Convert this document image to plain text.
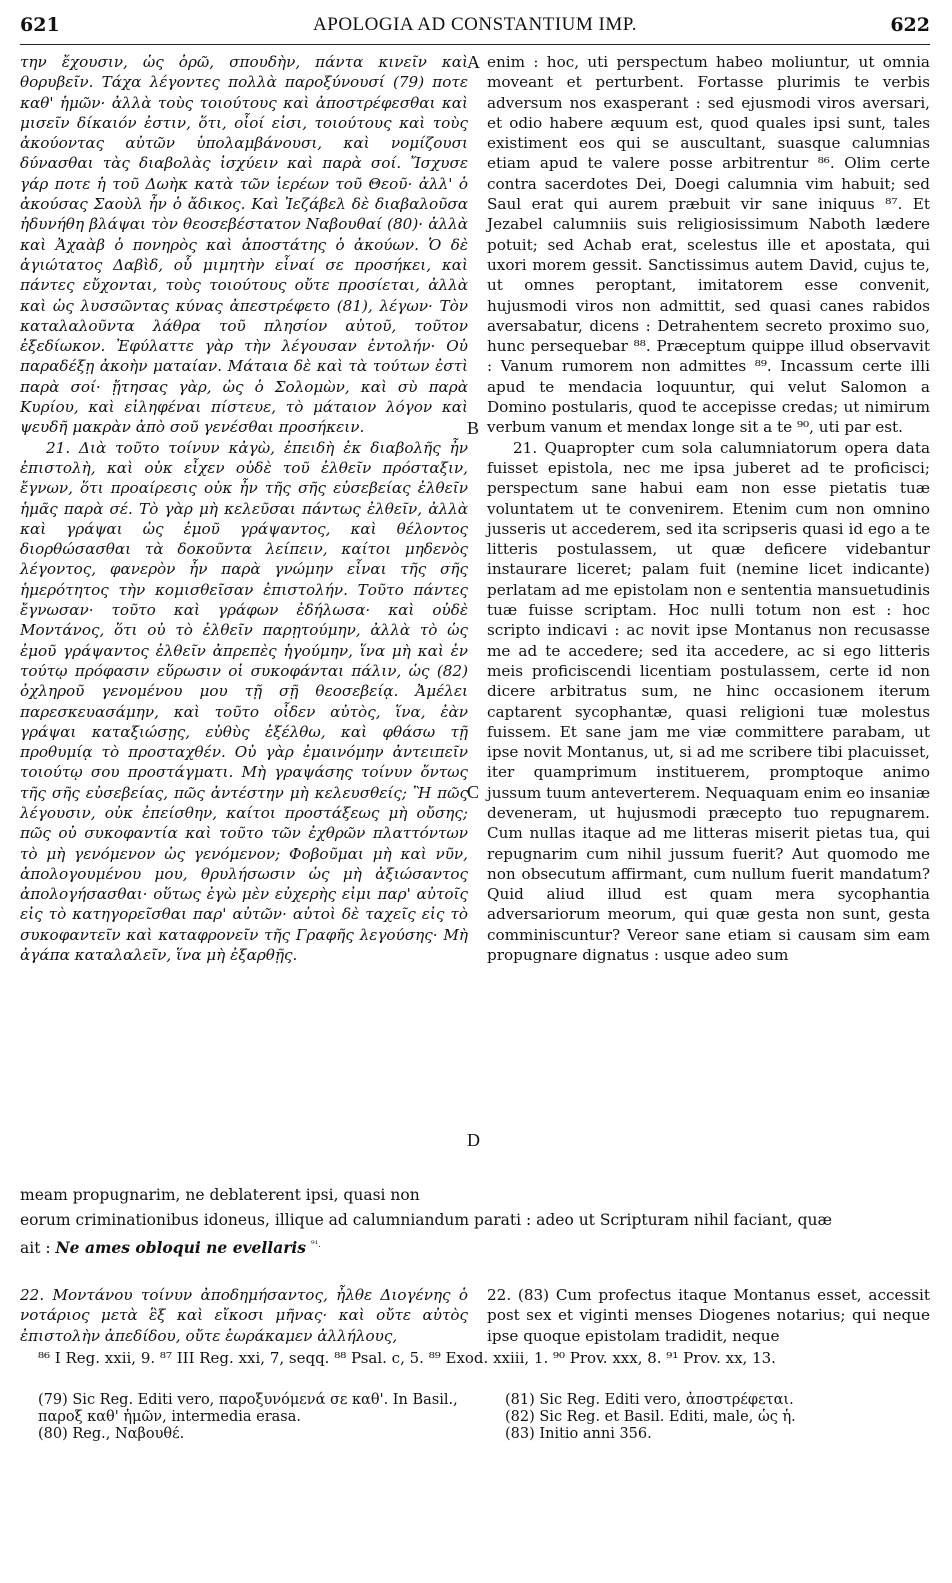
621	APOLOGIA AD CONSTANTIUM IMP.	622

την ἔχουσιν, ὡς ὁρῶ, σπουδὴν, πάντα κινεῖν καὶ θορυβεῖν. Τάχα λέγοντες πολλὰ παροξύνουσί (79) ποτε καθ' ἡμῶν· ἀλλὰ τοὺς τοιούτους καὶ ἀποστρέφεσθαι καὶ μισεῖν δίκαιόν ἐστιν, ὅτι, οἷοί εἰσι, τοιούτους καὶ τοὺς ἀκούοντας αὐτῶν ὑπολαμβάνουσι, καὶ νομίζουσι δύνασθαι τὰς διαβολὰς ἰσχύειν καὶ παρὰ σοί. Ἴσχυσε γάρ ποτε ἡ τοῦ Δωὴκ κατὰ τῶν ἱερέων τοῦ Θεοῦ· ἀλλ' ὁ ἀκούσας Σαοὺλ ἦν ὁ ἄδικος. Καὶ Ἰεζάβελ δὲ διαβαλοῦσα ἠδυνήθη βλάψαι τὸν θεοσεβέστατον Ναβουθαί (80)· ἀλλὰ καὶ Ἀχαὰβ ὁ πονηρὸς καὶ ἀποστάτης ὁ ἀκούων. Ὁ δὲ ἁγιώτατος Δαβὶδ, οὗ μιμητὴν εἶναί σε προσήκει, καὶ πάντες εὔχονται, τοὺς τοιούτους οὔτε προσίεται, ἀλλὰ καὶ ὡς λυσσῶντας κύνας ἀπεστρέφετο (81), λέγων· Τὸν καταλαλοῦντα λάθρα τοῦ πλησίον αὐτοῦ, τοῦτον ἐξεδίωκον. Ἐφύλαττε γὰρ τὴν λέγουσαν ἐντολήν· Οὐ παραδέξῃ ἀκοὴν ματαίαν. Μάταια δὲ καὶ τὰ τούτων ἐστὶ παρὰ σοί· ᾔτησας γὰρ, ὡς ὁ Σολομὼν, καὶ σὺ παρὰ Κυρίου, καὶ εἰληφέναι πίστευε, τὸ μάταιον λόγον καὶ ψευδῆ μακρὰν ἀπὸ σοῦ γενέσθαι προσήκειν.

21. Διὰ τοῦτο τοίνυν κἀγὼ, ἐπειδὴ ἐκ διαβολῆς ἦν ἐπιστολὴ, καὶ οὐκ εἶχεν οὐδὲ τοῦ ἐλθεῖν πρόσταξιν, ἔγνων, ὅτι προαίρεσις οὐκ ἦν τῆς σῆς εὐσεβείας ἐλθεῖν ἡμᾶς παρὰ σέ. Τὸ γὰρ μὴ κελεῦσαι πάντως ἐλθεῖν, ἀλλὰ καὶ γράψαι ὡς ἐμοῦ γράψαντος, καὶ θέλοντος διορθώσασθαι τὰ δοκοῦντα λείπειν, καίτοι μηδενὸς λέγοντος, φανερὸν ἦν παρὰ γνώμην εἶναι τῆς σῆς ἡμερότητος τὴν κομισθεῖσαν ἐπιστολήν. Τοῦτο πάντες ἔγνωσαν· τοῦτο καὶ γράφων ἐδήλωσα· καὶ οὐδὲ Μοντάνος, ὅτι οὐ τὸ ἐλθεῖν παρῃτούμην, ἀλλὰ τὸ ὡς ἐμοῦ γράψαντος ἐλθεῖν ἀπρεπὲς ἡγούμην, ἵνα μὴ καὶ ἐν τούτῳ πρόφασιν εὕρωσιν οἱ συκοφάνται πάλιν, ὡς (82) ὀχληροῦ γενομένου μου τῇ σῇ θεοσεβείᾳ. Ἀμέλει παρεσκευασάμην, καὶ τοῦτο οἶδεν αὐτὸς, ἵνα, ἐὰν γράψαι καταξιώσῃς, εὐθὺς ἐξέλθω, καὶ φθάσω τῇ προθυμίᾳ τὸ προσταχθέν. Οὐ γὰρ ἐμαινόμην ἀντειπεῖν τοιούτῳ σου προστάγματι. Μὴ γραψάσης τοίνυν ὄντως τῆς σῆς εὐσεβείας, πῶς ἀντέστην μὴ κελευσθείς; Ἢ πῶς λέγουσιν, οὐκ ἐπείσθην, καίτοι προστάξεως μὴ οὔσης; πῶς οὐ συκοφαντία καὶ τοῦτο τῶν ἐχθρῶν πλαττόντων τὸ μὴ γενόμενον ὡς γενόμενον; Φοβοῦμαι μὴ καὶ νῦν, ἀπολογουμένου μου, θρυλήσωσιν ὡς μὴ ἀξιώσαντος ἀπολογήσασθαι· οὕτως ἐγὼ μὲν εὐχερὴς εἰμι παρ' αὐτοῖς εἰς τὸ κατηγορεῖσθαι παρ' αὐτῶν· αὐτοὶ δὲ ταχεῖς εἰς τὸ συκοφαντεῖν καὶ καταφρονεῖν τῆς Γραφῆς λεγούσης· Μὴ ἀγάπα καταλαλεῖν, ἵνα μὴ ἐξαρθῇς.

enim : hoc, uti perspectum habeo moliuntur, ut omnia moveant et perturbent. Fortasse plurimis te verbis adversum nos exasperant : sed ejusmodi viros aversari, et odio habere æquum est, quod quales ipsi sunt, tales existiment eos qui se auscultant, suasque calumnias etiam apud te valere posse arbitrentur ⁸⁶. Olim certe contra sacerdotes Dei, Doegi calumnia vim habuit; sed Saul erat qui aurem præbuit vir sane iniquus ⁸⁷. Et Jezabel calumniis suis religiosissimum Naboth lædere potuit; sed Achab erat, scelestus ille et apostata, qui uxori morem gessit. Sanctissimus autem David, cujus te, ut omnes peroptant, imitatorem esse convenit, hujusmodi viros non admittit, sed quasi canes rabidos aversabatur, dicens : Detrahentem secreto proximo suo, hunc persequebar ⁸⁸. Præceptum quippe illud observavit : Vanum rumorem non admittes ⁸⁹. Incassum certe illi apud te mendacia loquuntur, qui velut Salomon a Domino postularis, quod te accepisse credas; ut nimirum verbum vanum et mendax longe sit a te ⁹⁰, uti par est.

21. Quapropter cum sola calumniatorum opera data fuisset epistola, nec me ipsa juberet ad te proficisci; perspectum sane habui eam non esse pietatis tuæ voluntatem ut te convenirem. Etenim cum non omnino jusseris ut accederem, sed ita scripseris quasi id ego a te litteris postulassem, ut quæ deficere videbantur instaurare liceret; palam fuit (nemine licet indicante) perlatam ad me epistolam non e sententia mansuetudinis tuæ fuisse scriptam. Hoc nulli totum non est : hoc scripto indicavi : ac novit ipse Montanus non recusasse me ad te accedere; sed ita accedere, ac si ego litteris meis proficiscendi licentiam postulassem, certe id non dicere arbitratus sum, ne hinc occasionem iterum captarent sycophantæ, quasi religioni tuæ molestus fuissem. Et sane jam me viæ committere parabam, ut ipse novit Montanus, ut, si ad me scribere tibi placuisset, iter quamprimum instituerem, promptoque animo jussum tuum anteverterem. Nequaquam enim eo insaniæ deveneram, ut hujusmodi præcepto tuo repugnarem. Cum nullas itaque ad me litteras miserit pietas tua, qui repugnarim cum nihil jussum fuerit? Aut quomodo me non obsecutum affirmant, cum nullum fuerit mandatum? Quid aliud illud est quam mera sycophantia adversariorum meorum, qui quæ gesta non sunt, gesta comminiscuntur? Vereor sane etiam si causam sim eam propugnare dignatus : usque adeo sum

A
B
C
D
meam propugnarim, ne deblaterent ipsi, quasi non
eorum criminationibus idoneus, illique ad calumniandum parati : adeo ut Scripturam nihil faciant, quæ
ait : Ne ames obloqui ne evellaris $^{^{91}.}$
22. Μοντάνου τοίνυν ἀποδημήσαντος, ἦλθε Διογένης ὁ νοτάριος μετὰ ἓξ καὶ εἴκοσι μῆνας· καὶ οὔτε αὐτὸς ἐπιστολὴν ἀπεδίδου, οὔτε ἑωράκαμεν ἀλλήλους,
22. (83) Cum profectus itaque Montanus esset, accessit post sex et viginti menses Diogenes notarius; qui neque ipse quoque epistolam tradidit, neque
⁸⁶ I Reg. xxii, 9. ⁸⁷ III Reg. xxi, 7, seqq. ⁸⁸ Psal. c, 5. ⁸⁹ Exod. xxiii, 1. ⁹⁰ Prov. xxx, 8. ⁹¹ Prov. xx, 13.
(79) Sic Reg. Editi vero, παροξυνόμενά σε καθ'. In Basil., παροξ καθ' ἡμῶν, intermedia erasa.
(80) Reg., Ναβουθέ.
(81) Sic Reg. Editi vero, ἀποστρέφεται.
(82) Sic Reg. et Basil. Editi, male, ὡς ἡ.
(83) Initio anni 356.
